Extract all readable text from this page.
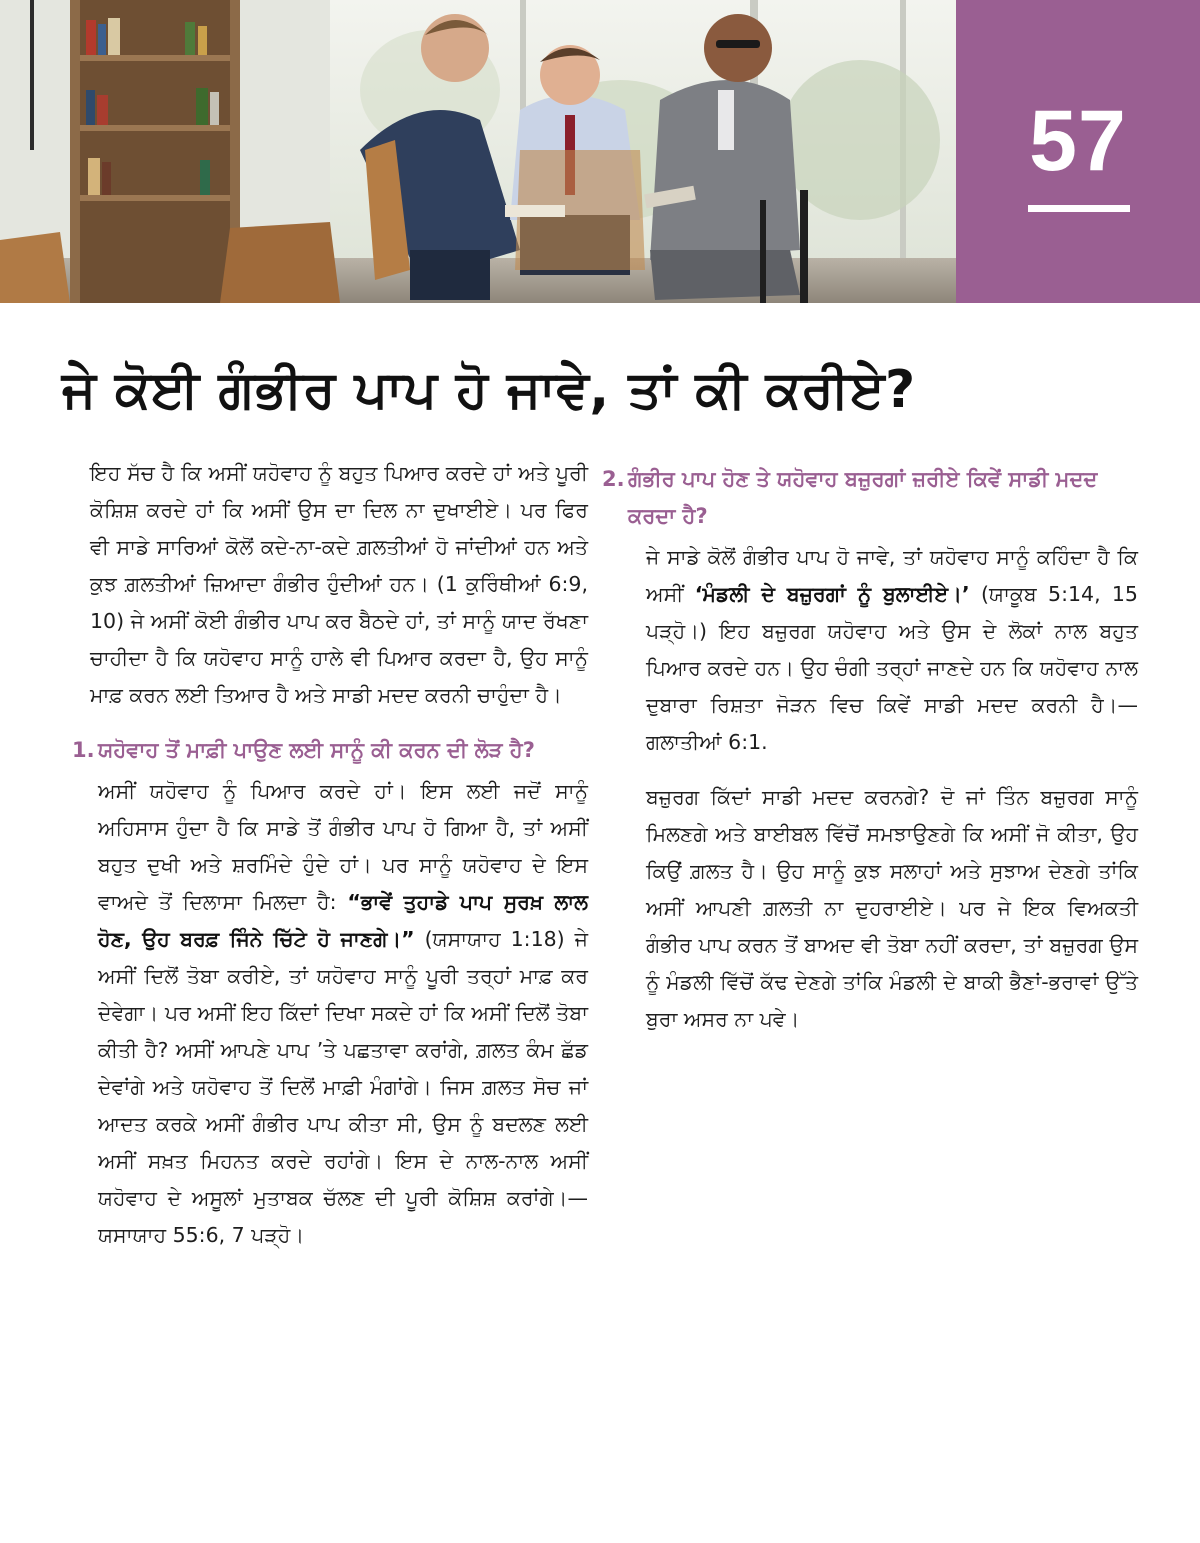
57
ਜੇ ਕੋਈ ਗੰਭੀਰ ਪਾਪ ਹੋ ਜਾਵੇ, ਤਾਂ ਕੀ ਕਰੀਏ?

ਇਹ ਸੱਚ ਹੈ ਕਿ ਅਸੀਂ ਯਹੋਵਾਹ ਨੂੰ ਬਹੁਤ ਪਿਆਰ ਕਰਦੇ ਹਾਂ ਅਤੇ ਪੂਰੀ ਕੋਸ਼ਿਸ਼ ਕਰਦੇ ਹਾਂ ਕਿ ਅਸੀਂ ਉਸ ਦਾ ਦਿਲ ਨਾ ਦੁਖਾਈਏ। ਪਰ ਫਿਰ ਵੀ ਸਾਡੇ ਸਾਰਿਆਂ ਕੋਲੋਂ ਕਦੇ-ਨਾ-ਕਦੇ ਗ਼ਲਤੀਆਂ ਹੋ ਜਾਂਦੀਆਂ ਹਨ ਅਤੇ ਕੁਝ ਗ਼ਲਤੀਆਂ ਜ਼ਿਆਦਾ ਗੰਭੀਰ ਹੁੰਦੀਆਂ ਹਨ। (1 ਕੁਰਿੰਥੀਆਂ 6:9, 10) ਜੇ ਅਸੀਂ ਕੋਈ ਗੰਭੀਰ ਪਾਪ ਕਰ ਬੈਠਦੇ ਹਾਂ, ਤਾਂ ਸਾਨੂੰ ਯਾਦ ਰੱਖਣਾ ਚਾਹੀਦਾ ਹੈ ਕਿ ਯਹੋਵਾਹ ਸਾਨੂੰ ਹਾਲੇ ਵੀ ਪਿਆਰ ਕਰਦਾ ਹੈ, ਉਹ ਸਾਨੂੰ ਮਾਫ਼ ਕਰਨ ਲਈ ਤਿਆਰ ਹੈ ਅਤੇ ਸਾਡੀ ਮਦਦ ਕਰਨੀ ਚਾਹੁੰਦਾ ਹੈ।

1. ਯਹੋਵਾਹ ਤੋਂ ਮਾਫ਼ੀ ਪਾਉਣ ਲਈ ਸਾਨੂੰ ਕੀ ਕਰਨ ਦੀ ਲੋੜ ਹੈ?

ਅਸੀਂ ਯਹੋਵਾਹ ਨੂੰ ਪਿਆਰ ਕਰਦੇ ਹਾਂ। ਇਸ ਲਈ ਜਦੋਂ ਸਾਨੂੰ ਅਹਿਸਾਸ ਹੁੰਦਾ ਹੈ ਕਿ ਸਾਡੇ ਤੋਂ ਗੰਭੀਰ ਪਾਪ ਹੋ ਗਿਆ ਹੈ, ਤਾਂ ਅਸੀਂ ਬਹੁਤ ਦੁਖੀ ਅਤੇ ਸ਼ਰਮਿੰਦੇ ਹੁੰਦੇ ਹਾਂ। ਪਰ ਸਾਨੂੰ ਯਹੋਵਾਹ ਦੇ ਇਸ ਵਾਅਦੇ ਤੋਂ ਦਿਲਾਸਾ ਮਿਲਦਾ ਹੈ: “ਭਾਵੇਂ ਤੁਹਾਡੇ ਪਾਪ ਸੁਰਖ਼ ਲਾਲ ਹੋਣ, ਉਹ ਬਰਫ਼ ਜਿੰਨੇ ਚਿੱਟੇ ਹੋ ਜਾਣਗੇ।” (ਯਸਾਯਾਹ 1:18) ਜੇ ਅਸੀਂ ਦਿਲੋਂ ਤੋਬਾ ਕਰੀਏ, ਤਾਂ ਯਹੋਵਾਹ ਸਾਨੂੰ ਪੂਰੀ ਤਰ੍ਹਾਂ ਮਾਫ਼ ਕਰ ਦੇਵੇਗਾ। ਪਰ ਅਸੀਂ ਇਹ ਕਿੱਦਾਂ ਦਿਖਾ ਸਕਦੇ ਹਾਂ ਕਿ ਅਸੀਂ ਦਿਲੋਂ ਤੋਬਾ ਕੀਤੀ ਹੈ? ਅਸੀਂ ਆਪਣੇ ਪਾਪ ’ਤੇ ਪਛਤਾਵਾ ਕਰਾਂਗੇ, ਗ਼ਲਤ ਕੰਮ ਛੱਡ ਦੇਵਾਂਗੇ ਅਤੇ ਯਹੋਵਾਹ ਤੋਂ ਦਿਲੋਂ ਮਾਫ਼ੀ ਮੰਗਾਂਗੇ। ਜਿਸ ਗ਼ਲਤ ਸੋਚ ਜਾਂ ਆਦਤ ਕਰਕੇ ਅਸੀਂ ਗੰਭੀਰ ਪਾਪ ਕੀਤਾ ਸੀ, ਉਸ ਨੂੰ ਬਦਲਣ ਲਈ ਅਸੀਂ ਸਖ਼ਤ ਮਿਹਨਤ ਕਰਦੇ ਰਹਾਂਗੇ। ਇਸ ਦੇ ਨਾਲ-ਨਾਲ ਅਸੀਂ ਯਹੋਵਾਹ ਦੇ ਅਸੂਲਾਂ ਮੁਤਾਬਕ ਚੱਲਣ ਦੀ ਪੂਰੀ ਕੋਸ਼ਿਸ਼ ਕਰਾਂਗੇ।—ਯਸਾਯਾਹ 55:6, 7 ਪੜ੍ਹੋ।

2. ਗੰਭੀਰ ਪਾਪ ਹੋਣ ਤੇ ਯਹੋਵਾਹ ਬਜ਼ੁਰਗਾਂ ਜ਼ਰੀਏ ਕਿਵੇਂ ਸਾਡੀ ਮਦਦ ਕਰਦਾ ਹੈ?

ਜੇ ਸਾਡੇ ਕੋਲੋਂ ਗੰਭੀਰ ਪਾਪ ਹੋ ਜਾਵੇ, ਤਾਂ ਯਹੋਵਾਹ ਸਾਨੂੰ ਕਹਿੰਦਾ ਹੈ ਕਿ ਅਸੀਂ ‘ਮੰਡਲੀ ਦੇ ਬਜ਼ੁਰਗਾਂ ਨੂੰ ਬੁਲਾਈਏ।’ (ਯਾਕੂਬ 5:14, 15 ਪੜ੍ਹੋ।) ਇਹ ਬਜ਼ੁਰਗ ਯਹੋਵਾਹ ਅਤੇ ਉਸ ਦੇ ਲੋਕਾਂ ਨਾਲ ਬਹੁਤ ਪਿਆਰ ਕਰਦੇ ਹਨ। ਉਹ ਚੰਗੀ ਤਰ੍ਹਾਂ ਜਾਣਦੇ ਹਨ ਕਿ ਯਹੋਵਾਹ ਨਾਲ ਦੁਬਾਰਾ ਰਿਸ਼ਤਾ ਜੋੜਨ ਵਿਚ ਕਿਵੇਂ ਸਾਡੀ ਮਦਦ ਕਰਨੀ ਹੈ।—ਗਲਾਤੀਆਂ 6:1.

ਬਜ਼ੁਰਗ ਕਿੱਦਾਂ ਸਾਡੀ ਮਦਦ ਕਰਨਗੇ? ਦੋ ਜਾਂ ਤਿੰਨ ਬਜ਼ੁਰਗ ਸਾਨੂੰ ਮਿਲਣਗੇ ਅਤੇ ਬਾਈਬਲ ਵਿੱਚੋਂ ਸਮਝਾਉਣਗੇ ਕਿ ਅਸੀਂ ਜੋ ਕੀਤਾ, ਉਹ ਕਿਉਂ ਗ਼ਲਤ ਹੈ। ਉਹ ਸਾਨੂੰ ਕੁਝ ਸਲਾਹਾਂ ਅਤੇ ਸੁਝਾਅ ਦੇਣਗੇ ਤਾਂਕਿ ਅਸੀਂ ਆਪਣੀ ਗ਼ਲਤੀ ਨਾ ਦੁਹਰਾਈਏ। ਪਰ ਜੇ ਇਕ ਵਿਅਕਤੀ ਗੰਭੀਰ ਪਾਪ ਕਰਨ ਤੋਂ ਬਾਅਦ ਵੀ ਤੋਬਾ ਨਹੀਂ ਕਰਦਾ, ਤਾਂ ਬਜ਼ੁਰਗ ਉਸ ਨੂੰ ਮੰਡਲੀ ਵਿੱਚੋਂ ਕੱਢ ਦੇਣਗੇ ਤਾਂਕਿ ਮੰਡਲੀ ਦੇ ਬਾਕੀ ਭੈਣਾਂ-ਭਰਾਵਾਂ ਉੱਤੇ ਬੁਰਾ ਅਸਰ ਨਾ ਪਵੇ।
